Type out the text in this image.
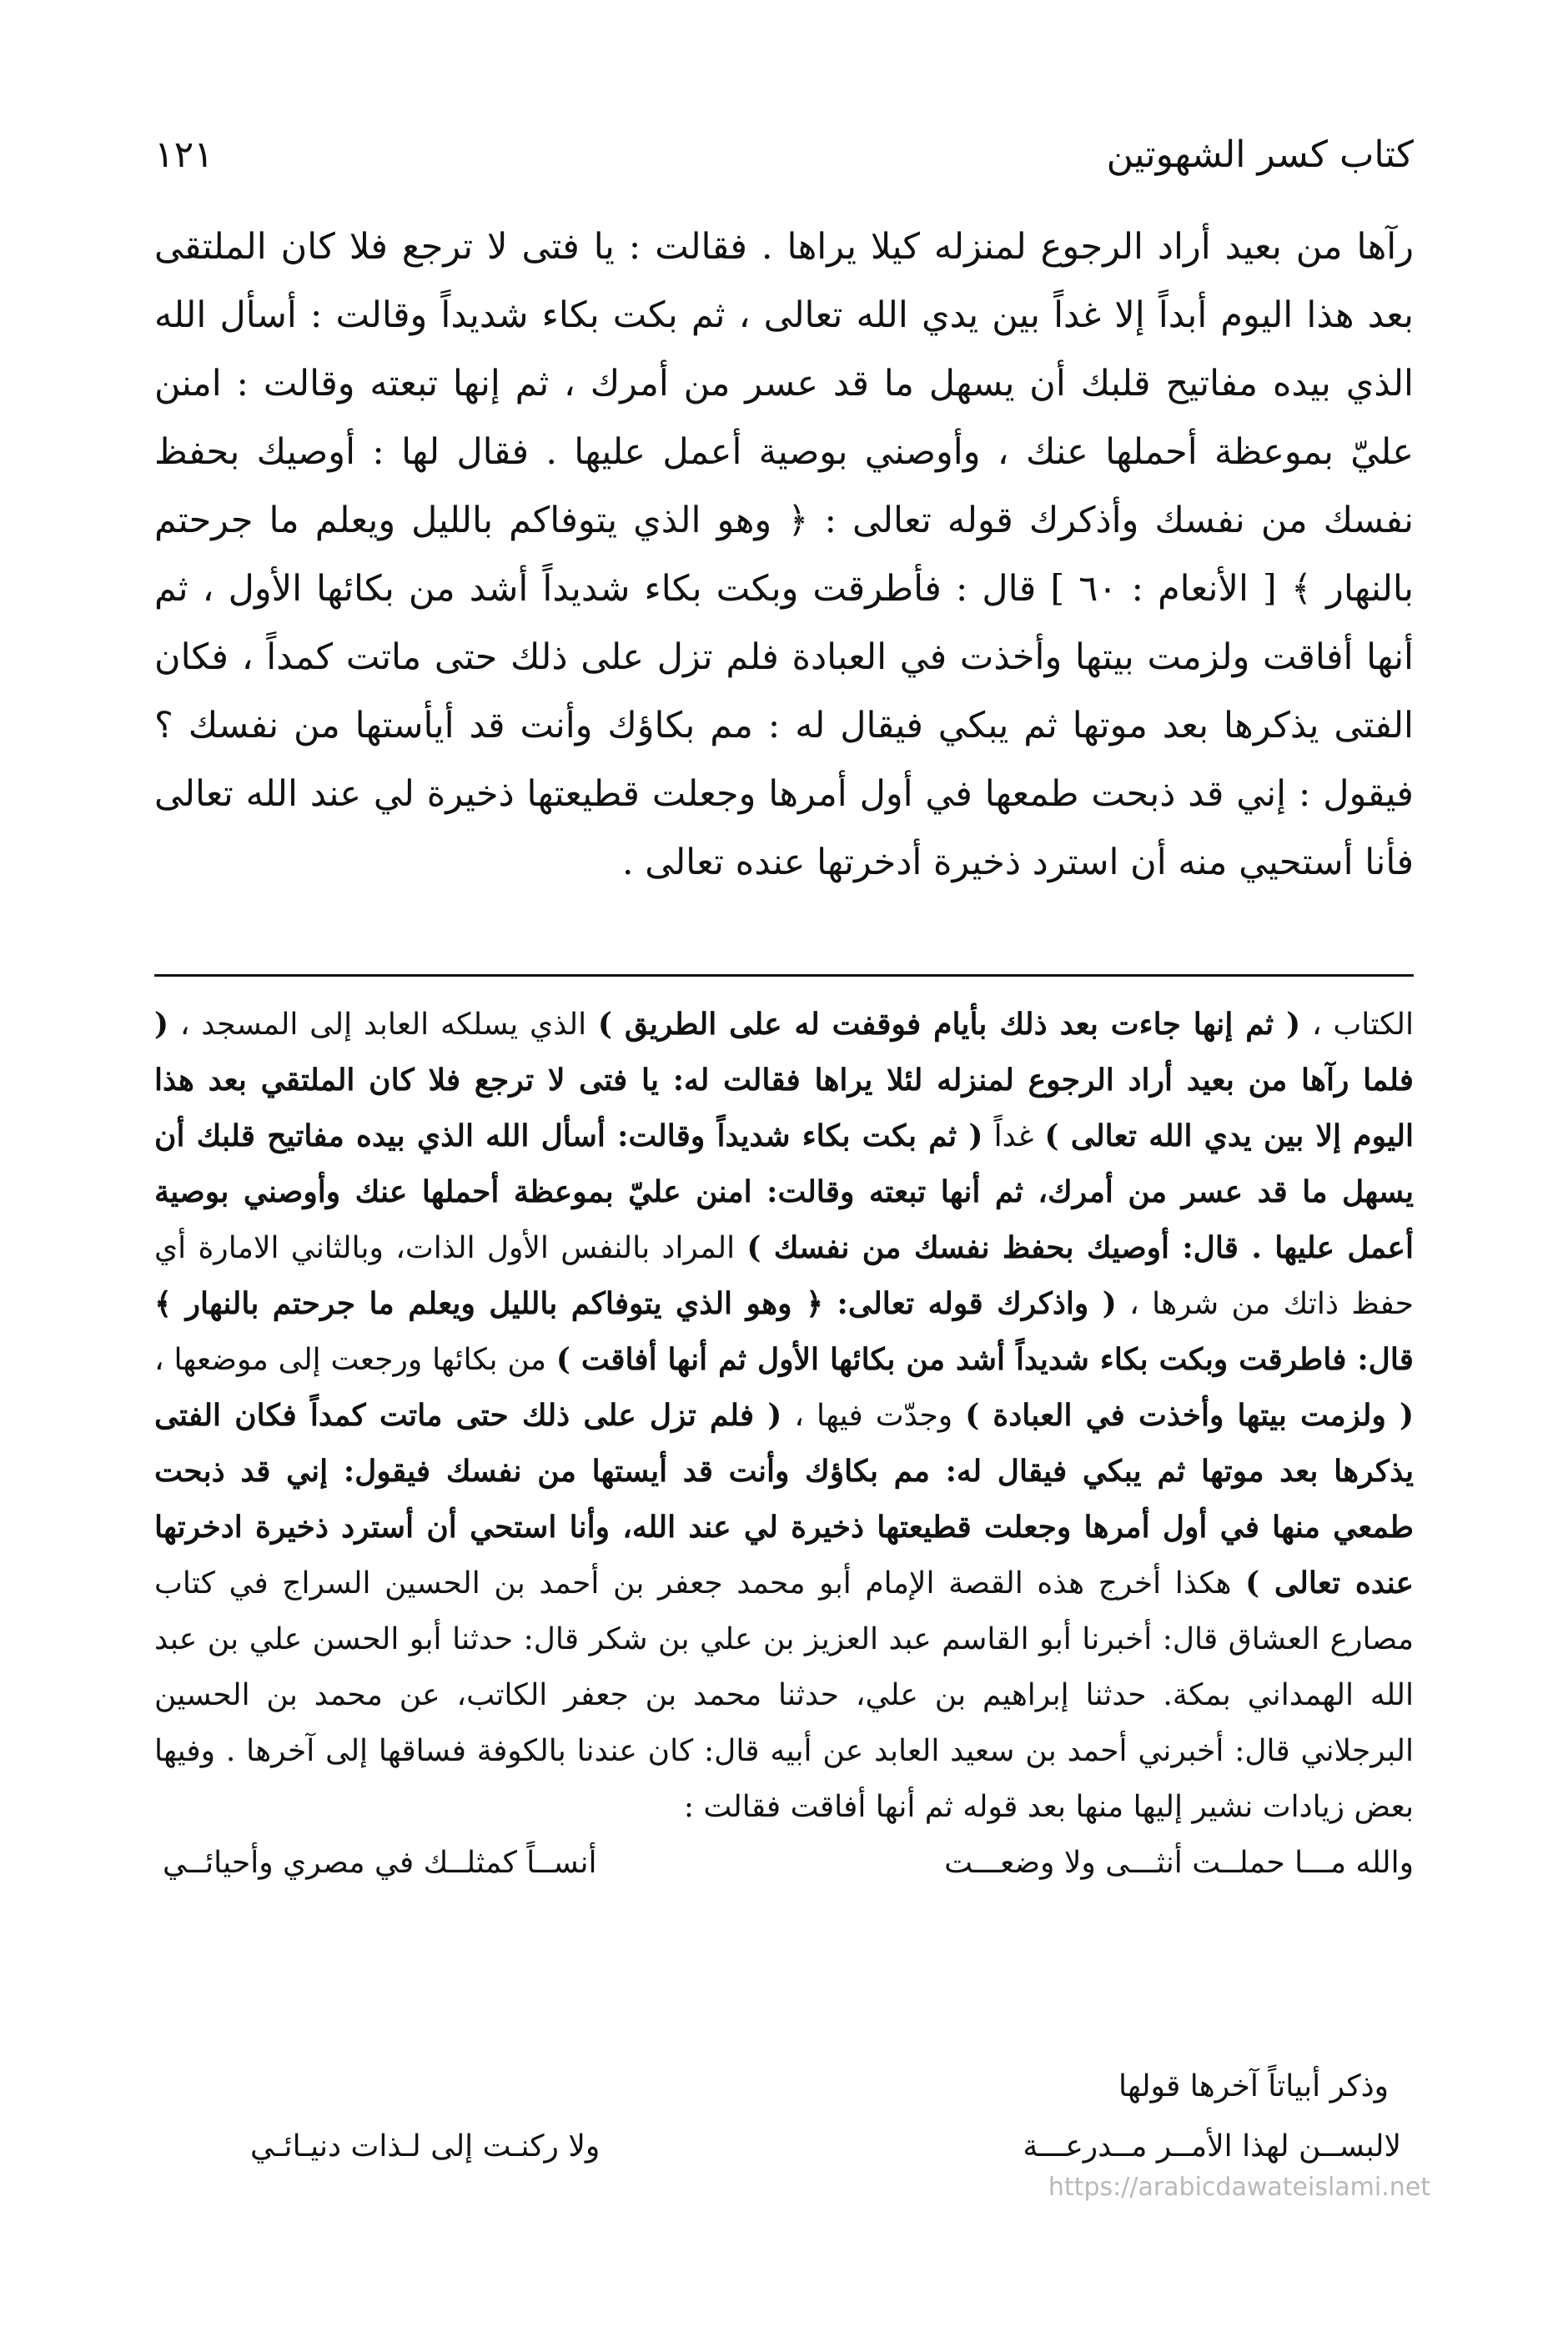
كتاب كسر الشهوتين
١٢١

رآها من بعيد أراد الرجوع لمنزله كيلا يراها . فقالت : يا فتى لا ترجع فلا كان الملتقى بعد هذا اليوم أبداً إلا غداً بين يدي الله تعالى ، ثم بكت بكاء شديداً وقالت : أسأل الله الذي بيده مفاتيح قلبك أن يسهل ما قد عسر من أمرك ، ثم إنها تبعته وقالت : امنن عليّ بموعظة أحملها عنك ، وأوصني بوصية أعمل عليها . فقال لها : أوصيك بحفظ نفسك من نفسك وأذكرك قوله تعالى : ﴿ وهو الذي يتوفاكم بالليل ويعلم ما جرحتم بالنهار ﴾ [ الأنعام : ٦٠ ] قال : فأطرقت وبكت بكاء شديداً أشد من بكائها الأول ، ثم أنها أفاقت ولزمت بيتها وأخذت في العبادة فلم تزل على ذلك حتى ماتت كمداً ، فكان الفتى يذكرها بعد موتها ثم يبكي فيقال له : مم بكاؤك وأنت قد أيأستها من نفسك ؟ فيقول : إني قد ذبحت طمعها في أول أمرها وجعلت قطيعتها ذخيرة لي عند الله تعالى فأنا أستحيي منه أن استرد ذخيرة أدخرتها عنده تعالى .

الكتاب ، ( ثم إنها جاءت بعد ذلك بأيام فوقفت له على الطريق ) الذي يسلكه العابد إلى المسجد ، ( فلما رآها من بعيد أراد الرجوع لمنزله لئلا يراها فقالت له: يا فتى لا ترجع فلا كان الملتقي بعد هذا اليوم إلا بين يدي الله تعالى ) غداً ( ثم بكت بكاء شديداً وقالت: أسأل الله الذي بيده مفاتيح قلبك أن يسهل ما قد عسر من أمرك، ثم أنها تبعته وقالت: امنن عليّ بموعظة أحملها عنك وأوصني بوصية أعمل عليها . قال: أوصيك بحفظ نفسك من نفسك ) المراد بالنفس الأول الذات، وبالثاني الامارة أي حفظ ذاتك من شرها ، ( واذكرك قوله تعالى: ﴿ وهو الذي يتوفاكم بالليل ويعلم ما جرحتم بالنهار ﴾ قال: فاطرقت وبكت بكاء شديداً أشد من بكائها الأول ثم أنها أفاقت ) من بكائها ورجعت إلى موضعها ، ( ولزمت بيتها وأخذت في العبادة ) وجدّت فيها ، ( فلم تزل على ذلك حتى ماتت كمداً فكان الفتى يذكرها بعد موتها ثم يبكي فيقال له: مم بكاؤك وأنت قد أيستها من نفسك فيقول: إني قد ذبحت طمعي منها في أول أمرها وجعلت قطيعتها ذخيرة لي عند الله، وأنا استحي أن أسترد ذخيرة ادخرتها عنده تعالى ) هكذا أخرج هذه القصة الإمام أبو محمد جعفر بن أحمد بن الحسين السراج في كتاب مصارع العشاق قال: أخبرنا أبو القاسم عبد العزيز بن علي بن شكر قال: حدثنا أبو الحسن علي بن عبد الله الهمداني بمكة. حدثنا إبراهيم بن علي، حدثنا محمد بن جعفر الكاتب، عن محمد بن الحسين البرجلاني قال: أخبرني أحمد بن سعيد العابد عن أبيه قال: كان عندنا بالكوفة فساقها إلى آخرها . وفيها بعض زيادات نشير إليها منها بعد قوله ثم أنها أفاقت فقالت :

والله مـــا حملــت أنثـــى ولا وضعـــت
أنســاً كمثلــك في مصري وأحيائــي
وذكر أبياتاً آخرها قولها
لالبســن لهذا الأمــر مــدرعـــة
ولا ركنـت إلى لـذات دنيـائـي
https://arabicdawateislami.net
